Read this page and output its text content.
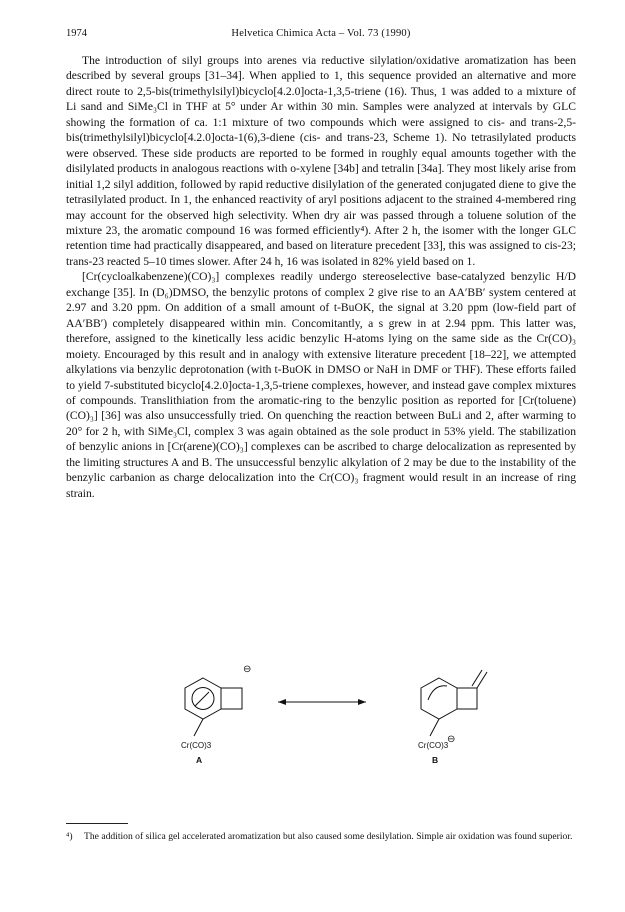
1974	Helvetica Chimica Acta – Vol. 73 (1990)

The introduction of silyl groups into arenes via reductive silylation/oxidative aromatization has been described by several groups [31–34]. When applied to 1, this sequence provided an alternative and more direct route to 2,5-bis(trimethylsilyl)bicyclo[4.2.0]octa-1,3,5-triene (16). Thus, 1 was added to a mixture of Li sand and SiMe₃Cl in THF at 5° under Ar within 30 min. Samples were analyzed at intervals by GLC showing the formation of ca. 1:1 mixture of two compounds which were assigned to cis- and trans-2,5-bis(trimethylsilyl)bicyclo[4.2.0]octa-1(6),3-diene (cis- and trans-23, Scheme 1). No tetrasilylated products were observed. These side products are reported to be formed in roughly equal amounts together with the disilylated products in analogous reactions with o-xylene [34b] and tetralin [34a]. They most likely arise from initial 1,2 silyl addition, followed by rapid reductive disilylation of the generated conjugated diene to give the tetrasilylated product. In 1, the enhanced reactivity of aryl positions adjacent to the strained 4-membered ring may account for the observed high selectivity. When dry air was passed through a toluene solution of the mixture 23, the aromatic compound 16 was formed efficiently⁴). After 2 h, the isomer with the longer GLC retention time had practically disappeared, and based on literature precedent [33], this was assigned to cis-23; trans-23 reacted 5–10 times slower. After 24 h, 16 was isolated in 82% yield based on 1.

[Cr(cycloalkabenzene)(CO)₃] complexes readily undergo stereoselective base-catalyzed benzylic H/D exchange [35]. In (D₆)DMSO, the benzylic protons of complex 2 give rise to an AA′BB′ system centered at 2.97 and 3.20 ppm. On addition of a small amount of t-BuOK, the signal at 3.20 ppm (low-field part of AA′BB′) completely disappeared within min. Concomitantly, a s grew in at 2.94 ppm. This latter was, therefore, assigned to the kinetically less acidic benzylic H-atoms lying on the same side as the Cr(CO)₃ moiety. Encouraged by this result and in analogy with extensive literature precedent [18–22], we attempted alkylations via benzylic deprotonation (with t-BuOK in DMSO or NaH in DMF or THF). These efforts failed to yield 7-substituted bicyclo[4.2.0]octa-1,3,5-triene complexes, however, and instead gave complex mixtures of compounds. Translithiation from the aromatic-ring to the benzylic position as reported for [Cr(toluene)(CO)₃] [36] was also unsuccessfully tried. On quenching the reaction between BuLi and 2, after warming to 20° for 2 h, with SiMe₃Cl, complex 3 was again obtained as the sole product in 53% yield. The stabilization of benzylic anions in [Cr(arene)(CO)₃] complexes can be ascribed to charge delocalization as represented by the limiting structures A and B. The unsuccessful benzylic alkylation of 2 may be due to the instability of the benzylic carbanion as charge delocalization into the Cr(CO)₃ fragment would result in an increase of ring strain.

⊖
Cr(CO)3
A
⊖
Cr(CO)3
B
⁴) The addition of silica gel accelerated aromatization but also caused some desilylation. Simple air oxidation was found superior.
